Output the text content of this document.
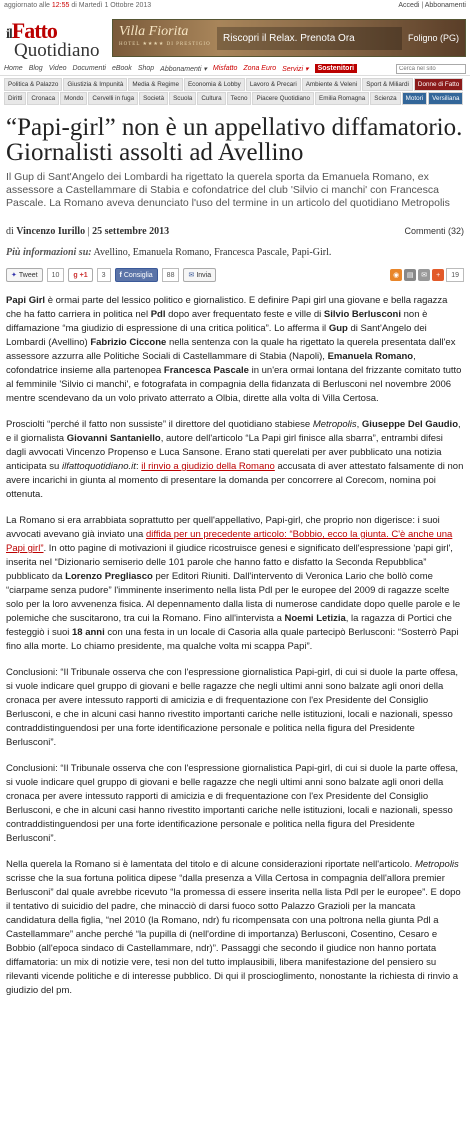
aggiornato alle 12:55 di Martedì 1 Ottobre 2013	Accedi | Abbonamenti
ilFatto
Quotidiano
Villa Fiorita
HOTEL ★★★★ DI PRESTIGIO
Riscopri il Relax. Prenota Ora	Foligno (PG)
Home Blog Video Documenti eBook Shop Abbonamenti ▾ Misfatto Zona Euro Servizi ▾	Sostenitori
Cerca nel sito
Politica & Palazzo	Giustizia & Impunità	Media & Regime	Economia & Lobby	Lavoro & Precari	Ambiente & Veleni	Sport & Miliardi	Donne di Fatto
Diritti	Cronaca	Mondo	Cervelli in fuga	Società	Scuola	Cultura	Tecno	Piacere Quotidiano	Emilia Romagna	Scienza	Motori	Versiliana
“Papi-girl” non è un appellativo diffamatorio. Giornalisti assolti ad Avellino
Il Gup di Sant'Angelo dei Lombardi ha rigettato la querela sporta da Emanuela Romano, ex assessore a Castellammare di Stabia e cofondatrice del club 'Silvio ci manchi' con Francesca Pascale. La Romano aveva denunciato l'uso del termine in un articolo del quotidiano Metropolis
di Vincenzo Iurillo | 25 settembre 2013	Commenti (32)
Più informazioni su: Avellino, Emanuela Romano, Francesca Pascale, Papi-Girl.
✦ Tweet	10	g +1	3	f Consiglia	88	✉ Invia	◉	▤	✉	+	19

Papi Girl è ormai parte del lessico politico e giornalistico. E definire Papi girl una giovane e bella ragazza che ha fatto carriera in politica nel Pdl dopo aver frequentato feste e ville di Silvio Berlusconi non è diffamazione “ma giudizio di espressione di una critica politica”. Lo afferma il Gup di Sant'Angelo dei Lombardi (Avellino) Fabrizio Ciccone nella sentenza con la quale ha rigettato la querela presentata dall'ex assessore azzurra alle Politiche Sociali di Castellammare di Stabia (Napoli), Emanuela Romano, cofondatrice insieme alla partenopea Francesca Pascale in un'era ormai lontana del frizzante comitato tutto al femminile 'Silvio ci manchi', e fotografata in compagnia della fidanzata di Berlusconi nel novembre 2006 mentre scendevano da un volo privato atterrato a Olbia, dirette alla volta di Villa Certosa.

Prosciolti “perché il fatto non sussiste” il direttore del quotidiano stabiese Metropolis, Giuseppe Del Gaudio, e il giornalista Giovanni Santaniello, autore dell'articolo “La Papi girl finisce alla sbarra”, entrambi difesi dagli avvocati Vincenzo Propenso e Luca Sansone. Erano stati querelati per aver pubblicato una notizia anticipata su ilfattoquotidiano.it: il rinvio a giudizio della Romano accusata di aver attestato falsamente di non avere incarichi in giunta al momento di presentare la domanda per concorrere al Corecom, nomina poi ottenuta.

La Romano si era arrabbiata soprattutto per quell'appellativo, Papi-girl, che proprio non digerisce: i suoi avvocati avevano già inviato una diffida per un precedente articolo: “Bobbio, ecco la giunta. C'è anche una Papi girl”. In otto pagine di motivazioni il giudice ricostruisce genesi e significato dell'espressione 'papi girl', inserita nel “Dizionario semiserio delle 101 parole che hanno fatto e disfatto la Seconda Repubblica” pubblicato da Lorenzo Pregliasco per Editori Riuniti. Dall'intervento di Veronica Lario che bollò come “ciarpame senza pudore” l'imminente inserimento nella lista Pdl per le europee del 2009 di ragazze scelte solo per la loro avvenenza fisica. Al depennamento dalla lista di numerose candidate dopo quelle parole e le polemiche che suscitarono, tra cui la Romano. Fino all'intervista a Noemi Letizia, la ragazza di Portici che festeggiò i suoi 18 anni con una festa in un locale di Casoria alla quale partecipò Berlusconi: “Sosterrò Papi fino alla morte. Lo chiamo presidente, ma qualche volta mi scappa Papi”.

Conclusioni: “Il Tribunale osserva che con l'espressione giornalistica Papi-girl, di cui si duole la parte offesa, si vuole indicare quel gruppo di giovani e belle ragazze che negli ultimi anni sono balzate agli onori della cronaca per avere intessuto rapporti di amicizia e di frequentazione con l'ex Presidente del Consiglio Berlusconi, e che in alcuni casi hanno rivestito importanti cariche nelle istituzioni, locali e nazionali, spesso contraddistinguendosi per una forte identificazione personale e politica nella figura del Presidente Berlusconi”.

Conclusioni: “Il Tribunale osserva che con l'espressione giornalistica Papi-girl, di cui si duole la parte offesa, si vuole indicare quel gruppo di giovani e belle ragazze che negli ultimi anni sono balzate agli onori della cronaca per avere intessuto rapporti di amicizia e di frequentazione con l'ex Presidente del Consiglio Berlusconi, e che in alcuni casi hanno rivestito importanti cariche nelle istituzioni, locali e nazionali, spesso contraddistinguendosi per una forte identificazione personale e politica nella figura del Presidente Berlusconi”.

Nella querela la Romano si è lamentata del titolo e di alcune considerazioni riportate nell'articolo. Metropolis scrisse che la sua fortuna politica dipese “dalla presenza a Villa Certosa in compagnia dell'allora premier Berlusconi” dal quale avrebbe ricevuto “la promessa di essere inserita nella lista Pdl per le europee”. E dopo il tentativo di suicidio del padre, che minacciò di darsi fuoco sotto Palazzo Grazioli per la mancata candidatura della figlia, “nel 2010 (la Romano, ndr) fu ricompensata con una poltrona nella giunta Pdl a Castellammare” anche perché “la pupilla di (nell'ordine di importanza) Berlusconi, Cosentino, Cesaro e Bobbio (all'epoca sindaco di Castellammare, ndr)”. Passaggi che secondo il giudice non hanno portata diffamatoria: un mix di notizie vere, tesi non del tutto implausibili, libera manifestazione del pensiero su rilevanti vicende politiche e di interesse pubblico. Di qui il proscioglimento, nonostante la richiesta di rinvio a giudizio del pm.
